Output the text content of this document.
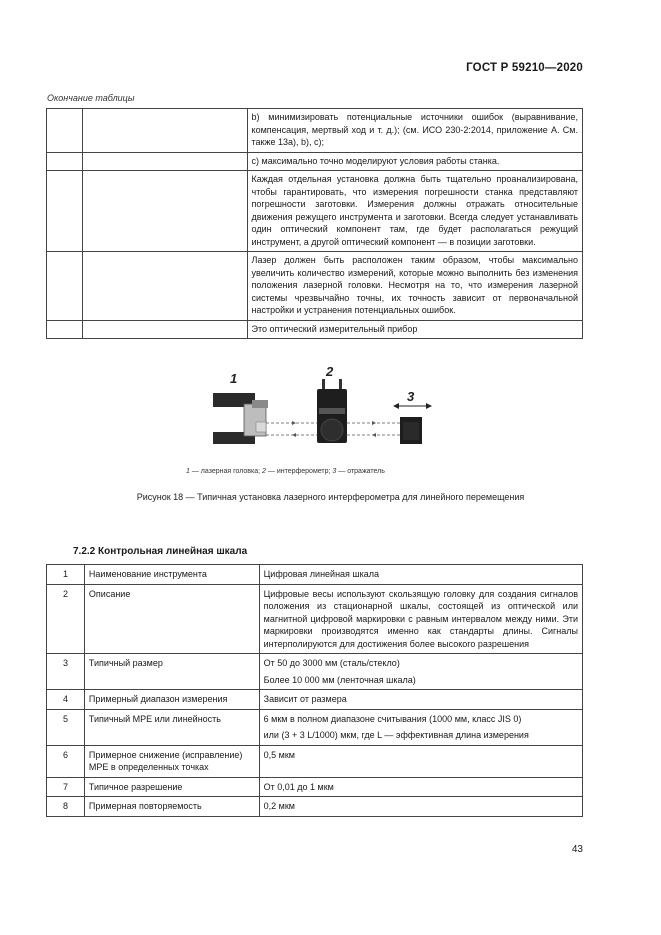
ГОСТ Р 59210—2020
Окончание таблицы

		b) минимизировать потенциальные источники ошибок (выравнивание, компенсация, мертвый ход и т. д.); (см. ИСО 230-2:2014, приложение А. См. также 13а), b), c);

		c) максимально точно моделируют условия работы станка.

		Каждая отдельная установка должна быть тщательно проанализирована, чтобы гарантировать, что измерения погрешности станка представляют погрешности заготовки. Измерения должны отражать относительные движения режущего инструмента и заготовки. Всегда следует устанавливать один оптический компонент там, где будет располагаться режущий инструмент, а другой оптический компонент — в позиции заготовки.

		Лазер должен быть расположен таким образом, чтобы максимально увеличить количество измерений, которые можно выполнить без изменения положения лазерной головки. Несмотря на то, что измерения лазерной системы чрезвычайно точны, их точность зависит от первоначальной настройки и устранения потенциальных ошибок.

		Это оптический измерительный прибор

1	2
3
1 — лазерная головка; 2 — интерферометр; 3 — отражатель
Рисунок 18 — Типичная установка лазерного интерферометра для линейного перемещения
7.2.2 Контрольная линейная шкала
1	Наименование инструмента	Цифровая линейная шкала

2	Описание	Цифровые весы используют скользящую головку для создания сигналов положения из стационарной шкалы, состоящей из оптической или магнитной цифровой маркировки с равным интервалом между ними. Эти маркировки производятся именно как стандарты длины. Сигналы интерполируются для достижения более высокого разрешения

3	Типичный размер	От 50 до 3000 мм (сталь/стекло)
Более 10 000 мм (ленточная шкала)

4	Примерный диапазон измерения	Зависит от размера

5	Типичный MPE или линейность	6 мкм в полном диапазоне считывания (1000 мм, класс JIS 0)
или (3 + 3 L/1000) мкм, где L — эффективная длина измерения

6	Примерное снижение (исправление) MPE в определенных точках	0,5 мкм

7	Типичное разрешение	От 0,01 до 1 мкм

8	Примерная повторяемость	0,2 мкм
43
